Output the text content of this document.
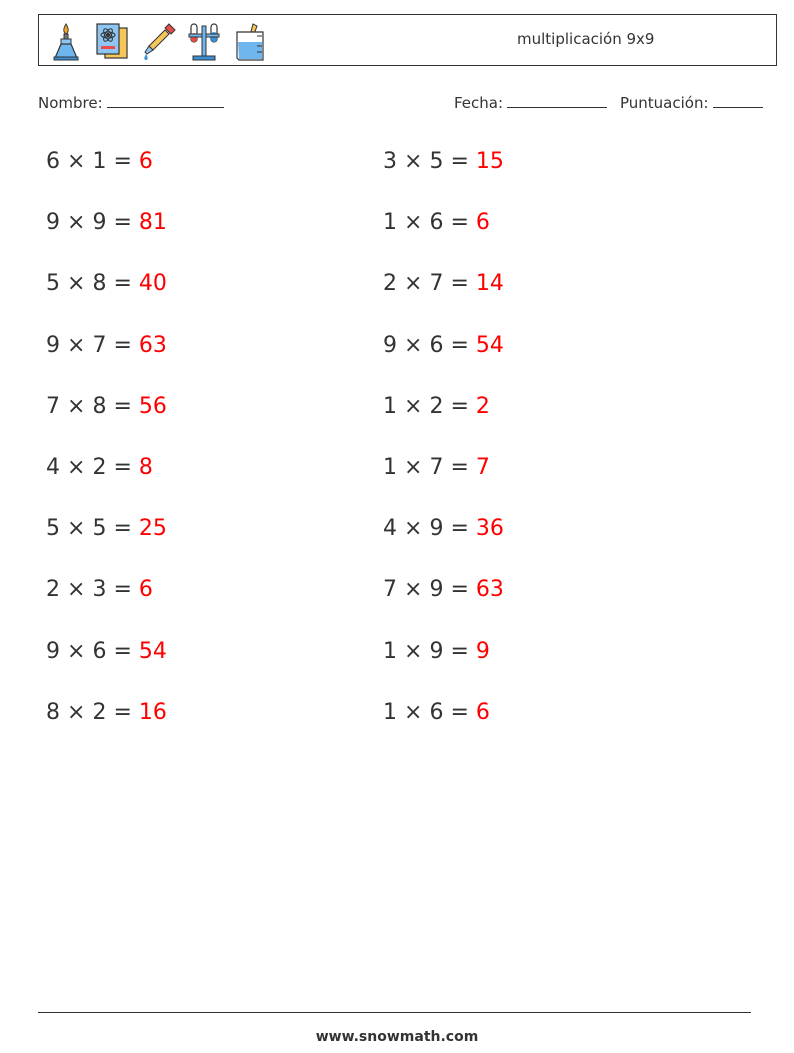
multiplicación 9x9
Nombre:	Fecha:	Puntuación:
6 × 1 = 6
9 × 9 = 81
5 × 8 = 40
9 × 7 = 63
7 × 8 = 56
4 × 2 = 8
5 × 5 = 25
2 × 3 = 6
9 × 6 = 54
8 × 2 = 16
3 × 5 = 15
1 × 6 = 6
2 × 7 = 14
9 × 6 = 54
1 × 2 = 2
1 × 7 = 7
4 × 9 = 36
7 × 9 = 63
1 × 9 = 9
1 × 6 = 6
www.snowmath.com
